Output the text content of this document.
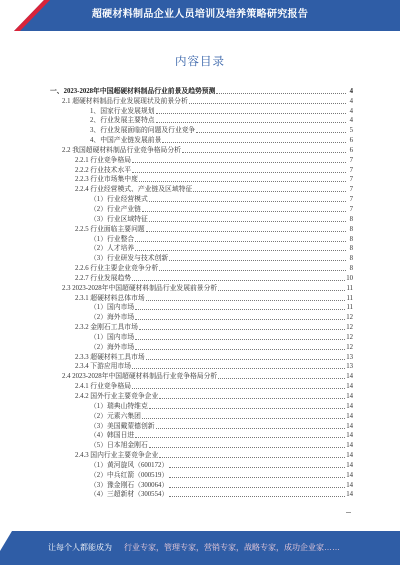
超硬材料制品企业人员培训及培养策略研究报告
内容目录
一、2023-2028年中国超硬材料制品行业前景及趋势预测	4
2.1 超硬材料制品行业发展现状及前景分析	4
1、国家行业发展规划	4
2、行业发展主要特点	4
3、行业发展面临的问题及行业竞争	5
4、中国产业链发展前景	6
2.2 我国超硬材料制品行业竞争格局分析	6
2.2.1 行业竞争格局	7
2.2.2 行业技术水平	7
2.2.3 行业市场集中度	7
2.2.4 行业经营模式、产业链及区域特征	7
（1）行业经营模式	7
（2）行业产业链	7
（3）行业区域特征	8
2.2.5 行业面临主要问题	8
（1）行业整合	8
（2）人才培养	8
（3）行业研发与技术创新	8
2.2.6 行业主要企业竞争分析	8
2.2.7 行业发展趋势	10
2.3 2023-2028年中国超硬材料制品行业发展前景分析	11
2.3.1 超硬材料总体市场	11
（1）国内市场	11
（2）海外市场	12
2.3.2 金刚石工具市场	12
（1）国内市场	12
（2）海外市场	12
2.3.3 超硬材料工具市场	13
2.3.4 下游应用市场	13
2.4 2023-2028年中国超硬材料制品行业竞争格局分析	14
2.4.1 行业竞争格局	14
2.4.2 国外行业主要竞争企业	14
（1）瑞典山特维克	14
（2）元素六集团	14
（3）美国戴蒙德创新	14
（4）韩国日进	14
（5）日本旭金刚石	14
2.4.3 国内行业主要竞争企业	14
（1）黄河旋风（600172）	14
（2）中兵红箭（000519）	14
（3）豫金刚石（300064）	14
（4）三超新材（300554）	14
让每个人都能成为 行业专家，管理专家，营销专家，战略专家，成功企业家……
